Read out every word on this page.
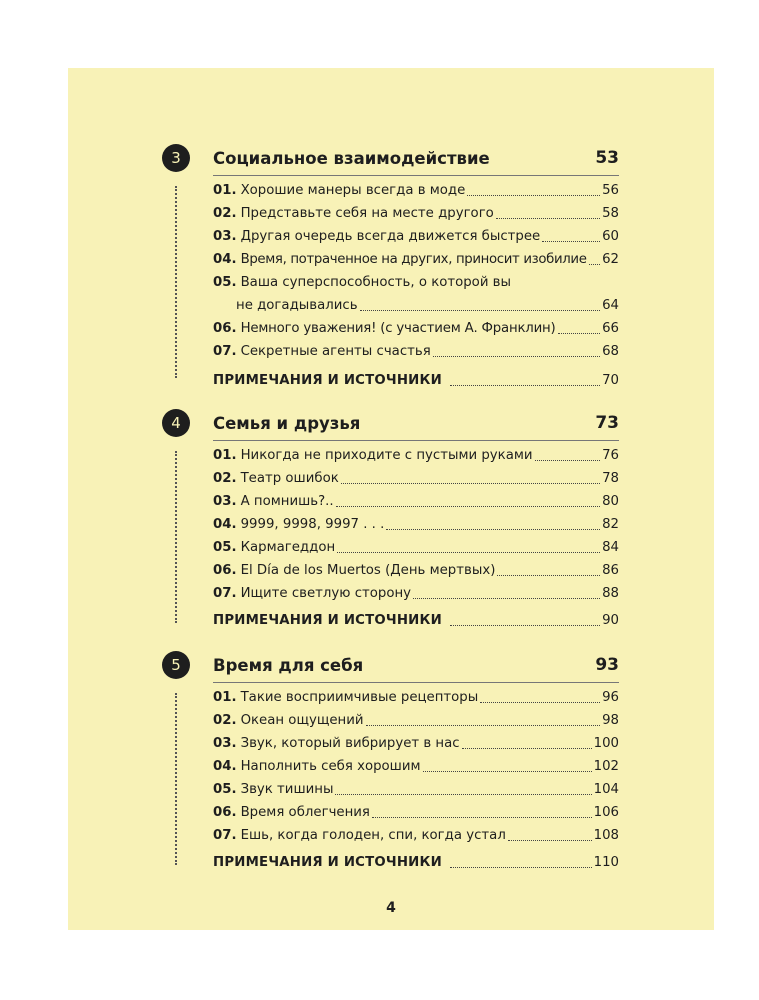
3	Социальное взаимодействие	53
01. Хорошие манеры всегда в моде	56
02. Представьте себя на месте другого	58
03. Другая очередь всегда движется быстрее	60
04. Время, потраченное на других, приносит изобилие 62
05. Ваша суперспособность, о которой вы
не догадывались	64
06. Немного уважения! (с участием А. Франклин)	66
07. Секретные агенты счастья	68
ПРИМЕЧАНИЯ И ИСТОЧНИКИ	70
4	Семья и друзья	73
01. Никогда не приходите с пустыми руками	76
02. Театр ошибок	78
03. А помнишь?..	80
04. 9999, 9998, 9997 . . .	82
05. Кармагеддон	84
06. El Día de los Muertos (День мертвых)	86
07. Ищите светлую сторону	88
ПРИМЕЧАНИЯ И ИСТОЧНИКИ	90
5	Время для себя	93
01. Такие восприимчивые рецепторы	96
02. Океан ощущений	98
03. Звук, который вибрирует в нас	100
04. Наполнить себя хорошим	102
05. Звук тишины	104
06. Время облегчения	106
07. Ешь, когда голоден, спи, когда устал	108
ПРИМЕЧАНИЯ И ИСТОЧНИКИ	110
4
